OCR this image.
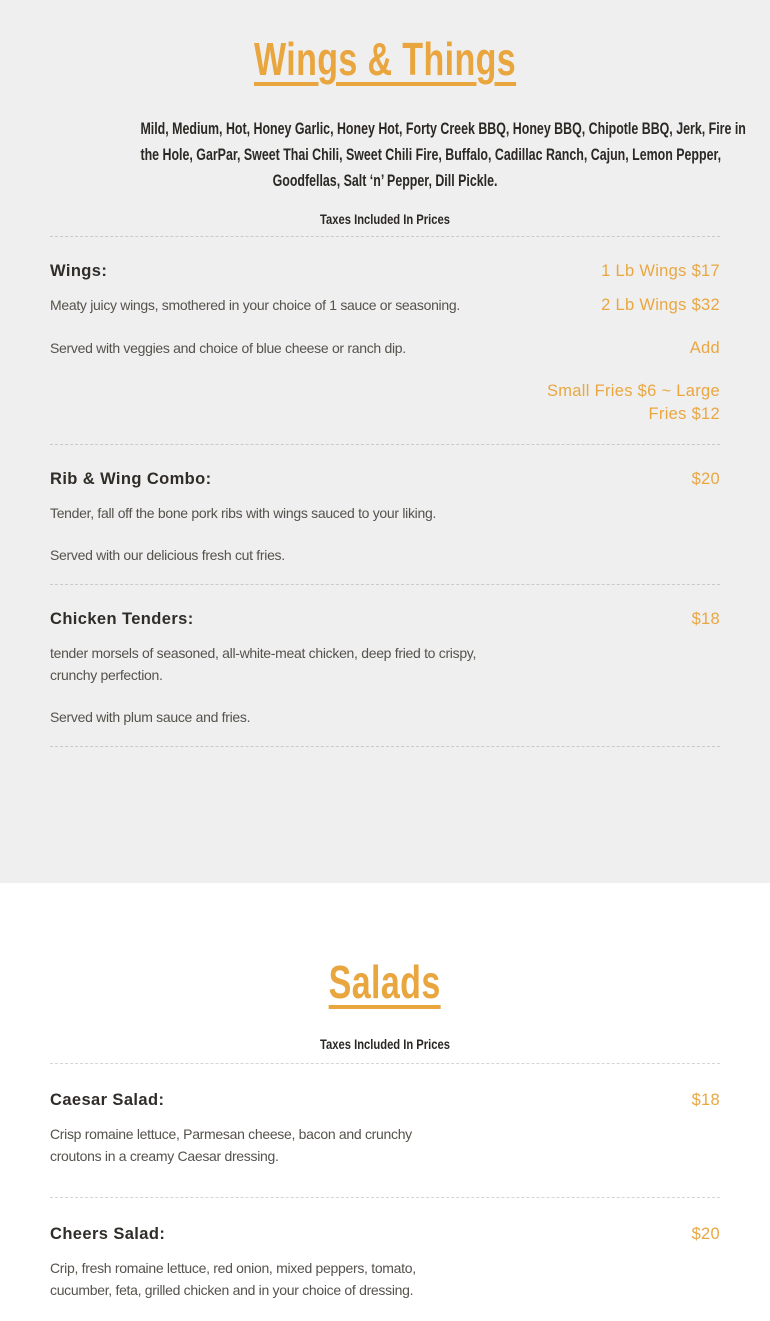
Wings & Things
Mild, Medium, Hot, Honey Garlic, Honey Hot, Forty Creek BBQ, Honey BBQ, Chipotle BBQ, Jerk, Fire in
the Hole, GarPar, Sweet Thai Chili, Sweet Chili Fire, Buffalo, Cadillac Ranch, Cajun, Lemon Pepper,
Goodfellas, Salt ‘n’ Pepper, Dill Pickle.
Taxes Included In Prices
Wings:	1 Lb Wings $17

Meaty juicy wings, smothered in your choice of 1 sauce or seasoning.	2 Lb Wings $32

Served with veggies and choice of blue cheese or ranch dip.	Add
Small Fries $6 ~ Large Fries $12
Rib & Wing Combo:	$20

Tender, fall off the bone pork ribs with wings sauced to your liking.

Served with our delicious fresh cut fries.

Chicken Tenders:	$18

tender morsels of seasoned, all-white-meat chicken, deep fried to crispy, crunchy perfection.

Served with plum sauce and fries.

Salads
Taxes Included In Prices
Caesar Salad:	$18

Crisp romaine lettuce, Parmesan cheese, bacon and crunchy croutons in a creamy Caesar dressing.

Cheers Salad:	$20

Crip, fresh romaine lettuce, red onion, mixed peppers, tomato, cucumber, feta, grilled chicken and in your choice of dressing.
